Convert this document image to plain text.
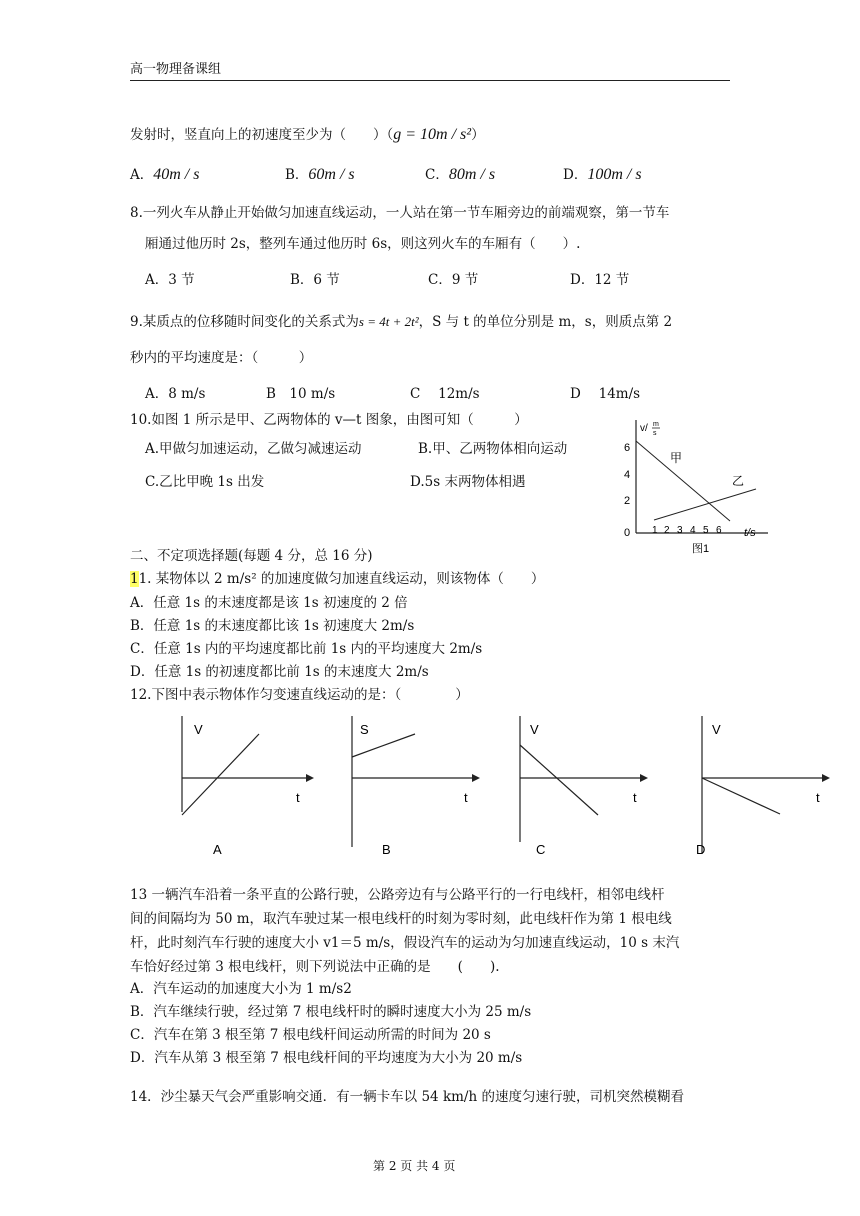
高一物理备课组
发射时，竖直向上的初速度至少为（　　）（g = 10m / s²）
A．40m / s	B．60m / s	C．80m / s	D．100m / s
8.一列火车从静止开始做匀加速直线运动，一人站在第一节车厢旁边的前端观察，第一节车
厢通过他历时 2s，整列车通过他历时 6s，则这列火车的车厢有（　　）.
A．3 节	B．6 节	C．9 节	D．12 节
9.某质点的位移随时间变化的关系式为s = 4t + 2t²，S 与 t 的单位分别是 m，s，则质点第 2
秒内的平均速度是：（　　　）
A．8 m/s	B　10 m/s	C　 12m/s	D　 14m/s
10.如图 1 所示是甲、乙两物体的 v—t 图象，由图可知（　　　）
A.甲做匀加速运动，乙做匀减速运动	B.甲、乙两物体相向运动
C.乙比甲晚 1s 出发	D.5s 末两物体相遇
v/ m
s
6
4
2
0 1 2 3 4 5 6 t/s
甲
乙
图1
二、不定项选择题(每题 4 分，总 16 分)
11. 某物体以 2 m/s² 的加速度做匀加速直线运动，则该物体（　　）
A．任意 1s 的末速度都是该 1s 初速度的 2 倍
B．任意 1s 的末速度都比该 1s 初速度大 2m/s
C．任意 1s 内的平均速度都比前 1s 内的平均速度大 2m/s
D．任意 1s 的初速度都比前 1s 的末速度大 2m/s
12.下图中表示物体作匀变速直线运动的是：（　　　　）
V
t
A
S
t
B
V
t
C
V
t
D
13 一辆汽车沿着一条平直的公路行驶，公路旁边有与公路平行的一行电线杆，相邻电线杆
间的间隔均为 50 m，取汽车驶过某一根电线杆的时刻为零时刻，此电线杆作为第 1 根电线
杆，此时刻汽车行驶的速度大小 v1＝5 m/s，假设汽车的运动为匀加速直线运动，10 s 末汽
车恰好经过第 3 根电线杆，则下列说法中正确的是　　(　　).
A．汽车运动的加速度大小为 1 m/s2
B．汽车继续行驶，经过第 7 根电线杆时的瞬时速度大小为 25 m/s
C．汽车在第 3 根至第 7 根电线杆间运动所需的时间为 20 s
D．汽车从第 3 根至第 7 根电线杆间的平均速度为大小为 20 m/s
14．沙尘暴天气会严重影响交通．有一辆卡车以 54 km/h 的速度匀速行驶，司机突然模糊看
第 2 页 共 4 页
